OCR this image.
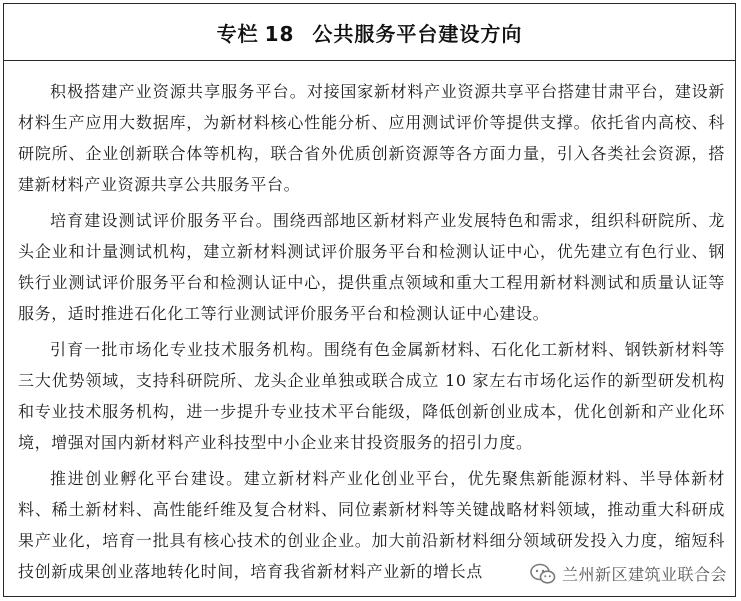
专栏 18 公共服务平台建设方向

积极搭建产业资源共享服务平台。对接国家新材料产业资源共享平台搭建甘肃平台，建设新材料生产应用大数据库，为新材料核心性能分析、应用测试评价等提供支撑。依托省内高校、科研院所、企业创新联合体等机构，联合省外优质创新资源等各方面力量，引入各类社会资源，搭建新材料产业资源共享公共服务平台。

培育建设测试评价服务平台。围绕西部地区新材料产业发展特色和需求，组织科研院所、龙头企业和计量测试机构，建立新材料测试评价服务平台和检测认证中心，优先建立有色行业、钢铁行业测试评价服务平台和检测认证中心，提供重点领域和重大工程用新材料测试和质量认证等服务，适时推进石化化工等行业测试评价服务平台和检测认证中心建设。

引育一批市场化专业技术服务机构。围绕有色金属新材料、石化化工新材料、钢铁新材料等三大优势领域，支持科研院所、龙头企业单独或联合成立 10 家左右市场化运作的新型研发机构和专业技术服务机构，进一步提升专业技术平台能级，降低创新创业成本，优化创新和产业化环境，增强对国内新材料产业科技型中小企业来甘投资服务的招引力度。

推进创业孵化平台建设。建立新材料产业化创业平台，优先聚焦新能源材料、半导体新材料、稀土新材料、高性能纤维及复合材料、同位素新材料等关键战略材料领域，推动重大科研成果产业化，培育一批具有核心技术的创业企业。加大前沿新材料细分领域研发投入力度，缩短科技创新成果创业落地转化时间，培育我省新材料产业新的增长点	兰州新区建筑业联合会
